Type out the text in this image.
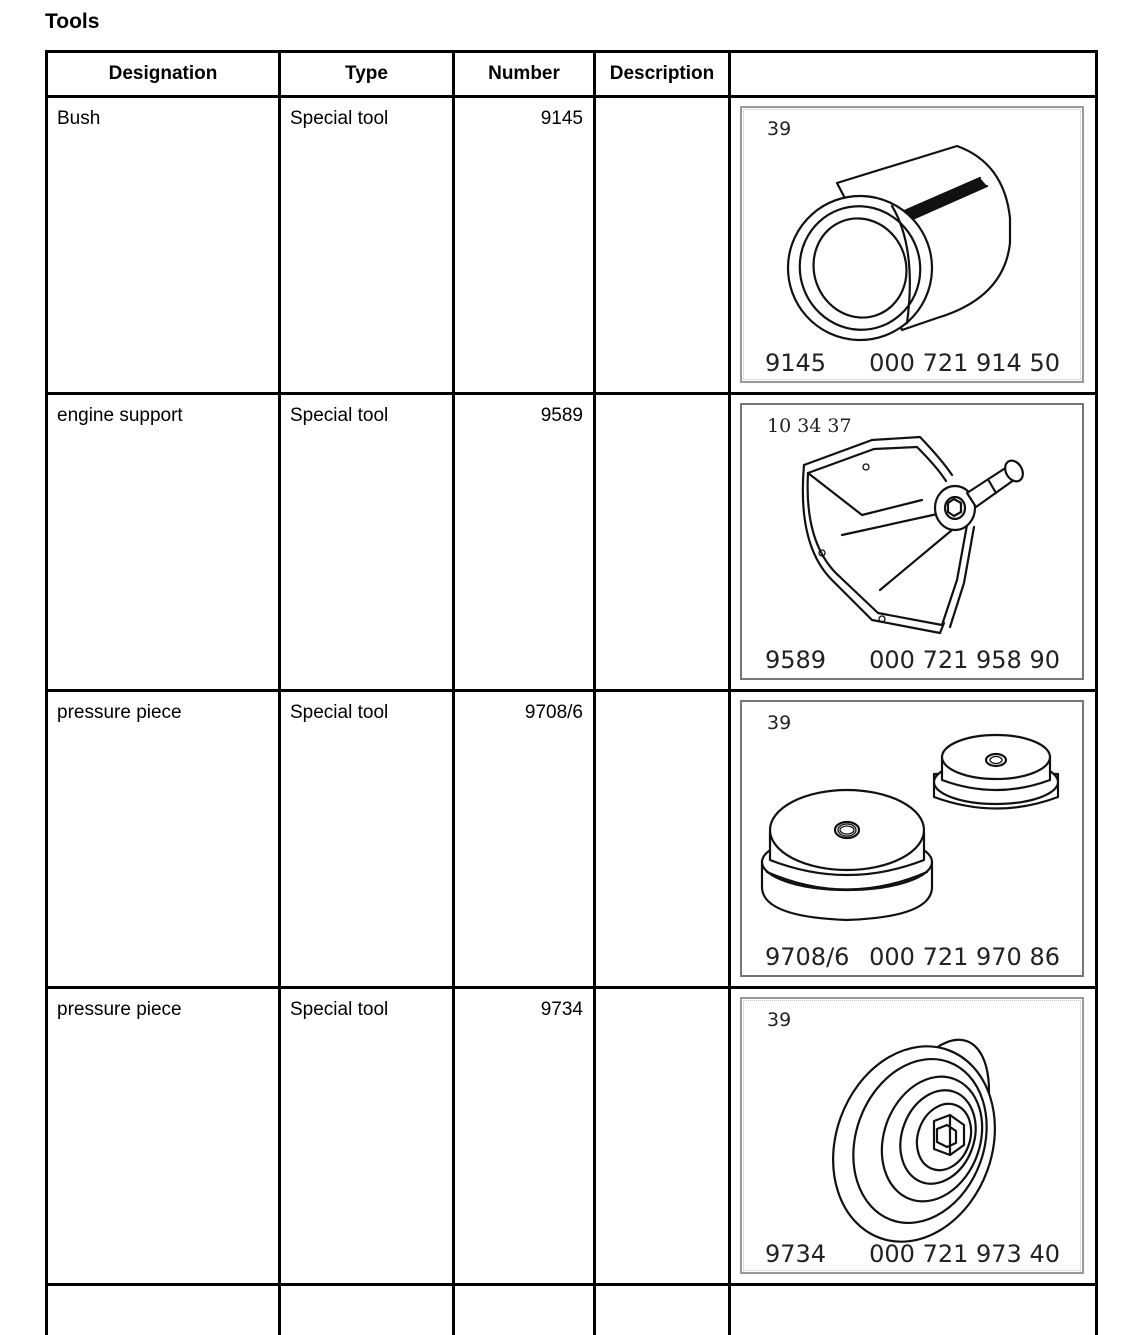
Tools
Designation	Type	Number	Description	
Bush	Special tool	9145		39
9145 000 721 914 50

engine support	Special tool	9589		10 34 37
9589 000 721 958 90

pressure piece	Special tool	9708/6		39
9708/6 000 721 970 86

pressure piece	Special tool	9734		39
9734 000 721 973 40
